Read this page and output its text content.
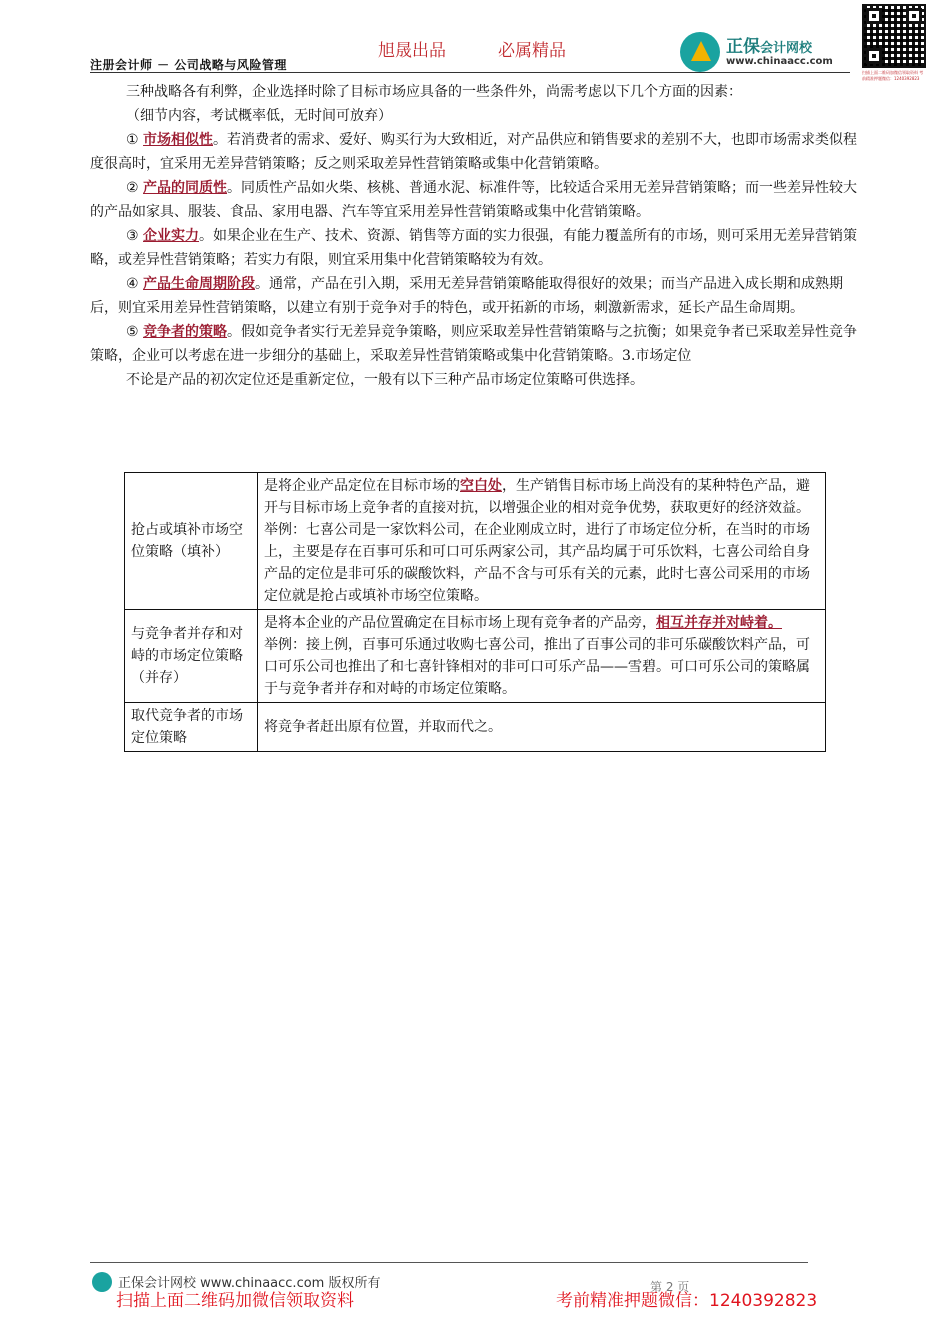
旭晟出品	必属精品	正保会计网校
www.chinaacc.com
扫描上面二维码加微信领取资料 考前精准押题微信：1240392823
注册会计师 － 公司战略与风险管理

三种战略各有利弊，企业选择时除了目标市场应具备的一些条件外，尚需考虑以下几个方面的因素：

（细节内容，考试概率低，无时间可放弃）

① 市场相似性。若消费者的需求、爱好、购买行为大致相近，对产品供应和销售要求的差别不大，也即市场需求类似程度很高时，宜采用无差异营销策略；反之则采取差异性营销策略或集中化营销策略。

② 产品的同质性。同质性产品如火柴、核桃、普通水泥、标准件等，比较适合采用无差异营销策略；而一些差异性较大的产品如家具、服装、食品、家用电器、汽车等宜采用差异性营销策略或集中化营销策略。

③ 企业实力。如果企业在生产、技术、资源、销售等方面的实力很强，有能力覆盖所有的市场，则可采用无差异营销策略，或差异性营销策略；若实力有限，则宜采用集中化营销策略较为有效。

④ 产品生命周期阶段。通常，产品在引入期，采用无差异营销策略能取得很好的效果；而当产品进入成长期和成熟期后，则宜采用差异性营销策略，以建立有别于竞争对手的特色，或开拓新的市场，刺激新需求，延长产品生命周期。

⑤ 竞争者的策略。假如竞争者实行无差异竞争策略，则应采取差异性营销策略与之抗衡；如果竞争者已采取差异性竞争策略，企业可以考虑在进一步细分的基础上，采取差异性营销策略或集中化营销策略。3.市场定位

不论是产品的初次定位还是重新定位，一般有以下三种产品市场定位策略可供选择。

抢占或填补市场空位策略（填补）	是将企业产品定位在目标市场的空白处，生产销售目标市场上尚没有的某种特色产品，避开与目标市场上竞争者的直接对抗，以增强企业的相对竞争优势，获取更好的经济效益。
举例：七喜公司是一家饮料公司，在企业刚成立时，进行了市场定位分析，在当时的市场上，主要是存在百事可乐和可口可乐两家公司，其产品均属于可乐饮料，七喜公司给自身产品的定位是非可乐的碳酸饮料，产品不含与可乐有关的元素，此时七喜公司采用的市场定位就是抢占或填补市场空位策略。
与竞争者并存和对峙的市场定位策略（并存）	是将本企业的产品位置确定在目标市场上现有竞争者的产品旁，相互并存并对峙着。
举例：接上例，百事可乐通过收购七喜公司，推出了百事公司的非可乐碳酸饮料产品，可口可乐公司也推出了和七喜针锋相对的非可口可乐产品——雪碧。可口可乐公司的策略属于与竞争者并存和对峙的市场定位策略。
取代竞争者的市场定位策略	将竞争者赶出原有位置，并取而代之。
正保会计网校 www.chinaacc.com 版权所有	第 2 页
扫描上面二维码加微信领取资料	考前精准押题微信：1240392823
